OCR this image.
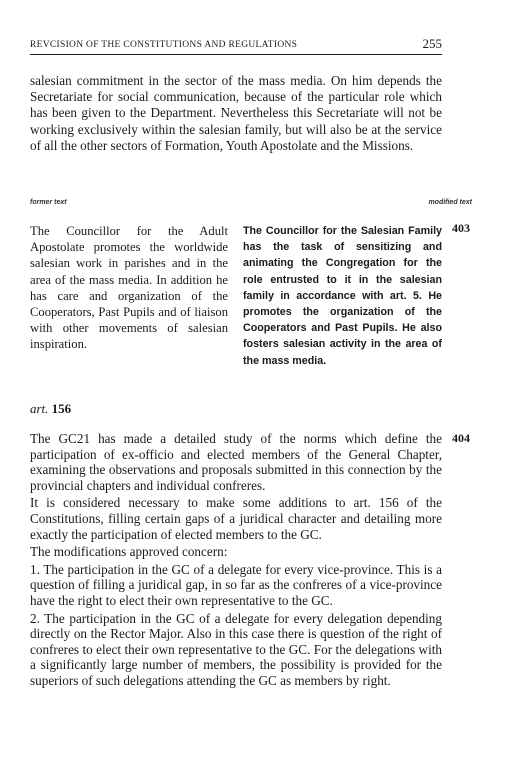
REVCISION OF THE CONSTITUTIONS AND REGULATIONS	255

salesian commitment in the sector of the mass media. On him depends the Secretariate for social communication, because of the particular role which has been given to the Department. Nevertheless this Secretariate will not be working exclusively within the salesian family, but will also be at the service of all the other sectors of Formation, Youth Apostolate and the Missions.

former text	modified text

The Councillor for the Adult Apostolate promotes the worldwide salesian work in parishes and in the area of the mass media. In addition he has care and organization of the Cooperators, Past Pupils and of liaison with other movements of salesian inspiration.

The Councillor for the Salesian Family has the task of sensitizing and animating the Congregation for the role entrusted to it in the salesian family in accordance with art. 5. He promotes the organization of the Cooperators and Past Pupils. He also fosters salesian activity in the area of the mass media.

403
art. 156
404

The GC21 has made a detailed study of the norms which define the participation of ex-officio and elected members of the General Chapter, examining the observations and proposals submitted in this connection by the provincial chapters and individual confreres.

It is considered necessary to make some additions to art. 156 of the Constitutions, filling certain gaps of a juridical character and detailing more exactly the participation of elected members to the GC.

The modifications approved concern:

1. The participation in the GC of a delegate for every vice-province. This is a question of filling a juridical gap, in so far as the confreres of a vice-province have the right to elect their own representative to the GC.

2. The participation in the GC of a delegate for every delegation depending directly on the Rector Major. Also in this case there is question of the right of confreres to elect their own representative to the GC. For the delegations with a significantly large number of members, the possibility is provided for the superiors of such delegations attending the GC as members by right.
